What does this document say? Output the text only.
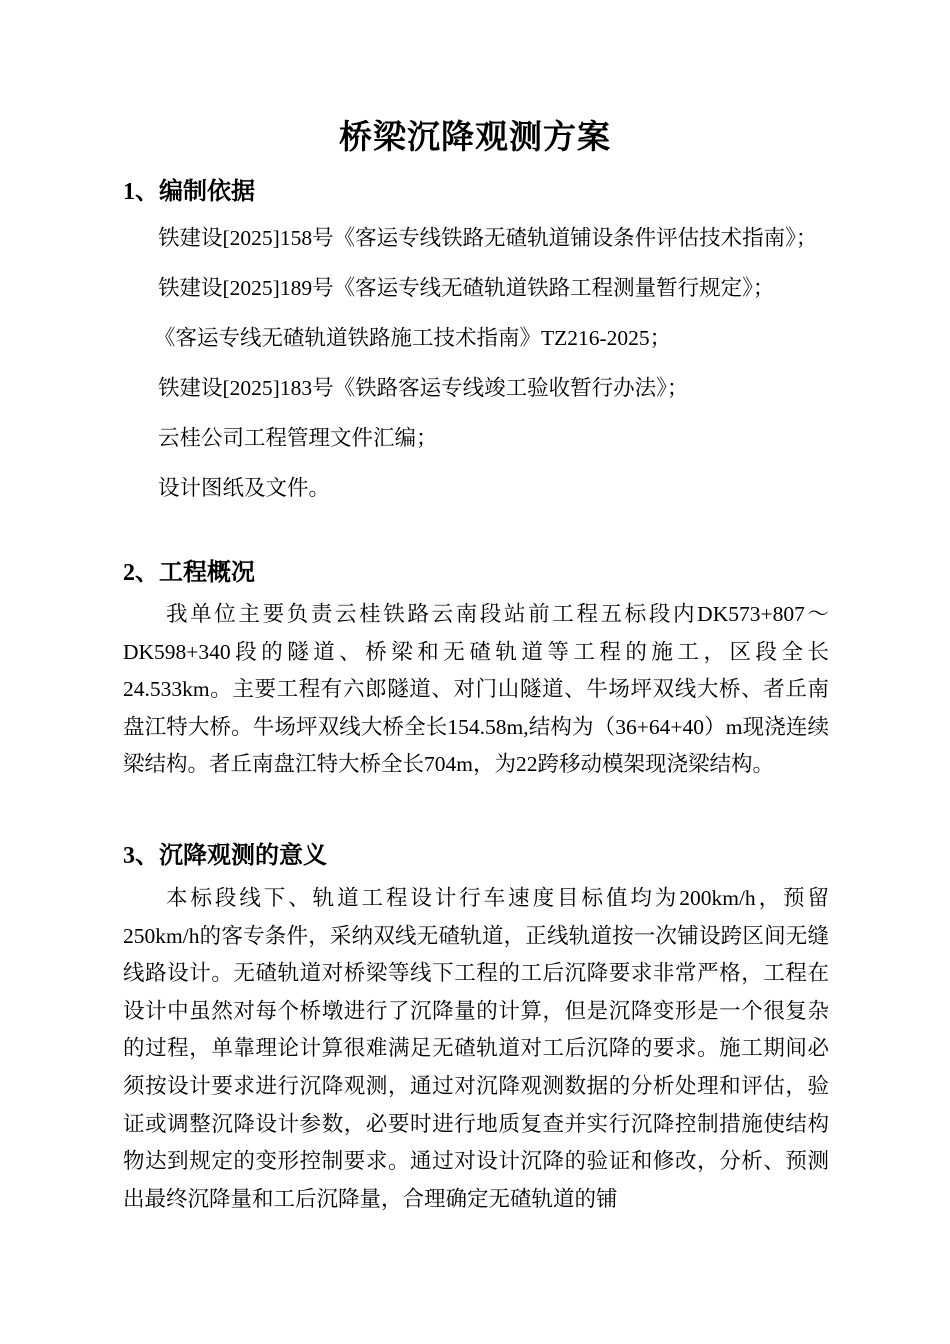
桥梁沉降观测方案
1、编制依据
铁建设[2025]158号《客运专线铁路无碴轨道铺设条件评估技术指南》；
铁建设[2025]189号《客运专线无碴轨道铁路工程测量暂行规定》；
《客运专线无碴轨道铁路施工技术指南》TZ216-2025；
铁建设[2025]183号《铁路客运专线竣工验收暂行办法》；
云桂公司工程管理文件汇编；
设计图纸及文件。
2、工程概况

我单位主要负责云桂铁路云南段站前工程五标段内DK573+807～DK598+340段的隧道、桥梁和无碴轨道等工程的施工，区段全长24.533km。主要工程有六郎隧道、对门山隧道、牛场坪双线大桥、者丘南盘江特大桥。牛场坪双线大桥全长154.58m,结构为（36+64+40）m现浇连续梁结构。者丘南盘江特大桥全长704m，为22跨移动模架现浇梁结构。

3、沉降观测的意义

本标段线下、轨道工程设计行车速度目标值均为200km/h，预留250km/h的客专条件，采纳双线无碴轨道，正线轨道按一次铺设跨区间无缝线路设计。无碴轨道对桥梁等线下工程的工后沉降要求非常严格，工程在设计中虽然对每个桥墩进行了沉降量的计算，但是沉降变形是一个很复杂的过程，单靠理论计算很难满足无碴轨道对工后沉降的要求。施工期间必须按设计要求进行沉降观测，通过对沉降观测数据的分析处理和评估，验证或调整沉降设计参数，必要时进行地质复查并实行沉降控制措施使结构物达到规定的变形控制要求。通过对设计沉降的验证和修改，分析、预测出最终沉降量和工后沉降量，合理确定无碴轨道的铺
